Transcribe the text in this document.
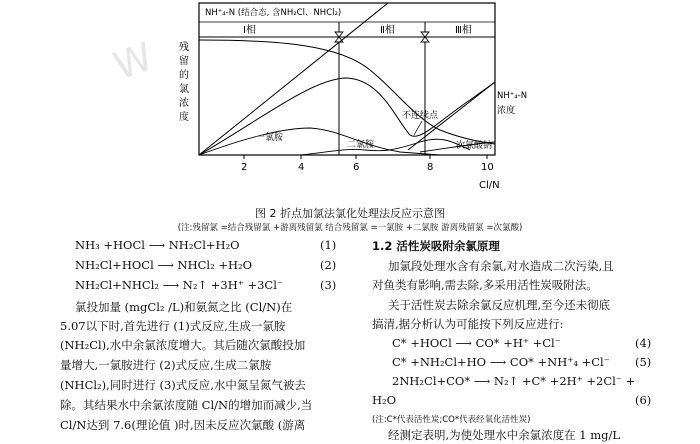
W
Ⅰ相	Ⅱ相	Ⅲ相
NH⁺₄-N (结合态, 含NH₂Cl、NHCl₂)
残
留
的
氯
浓
度	不连续点
NH⁺₄-N
浓度
一氯胺
二氯胺	次氯酸钠
2	4	6	8	10
Cl/N
图 2 折点加氯法氯化处理法反应示意图
(注:残留氯 =结合残留氯 +游离残留氯 结合残留氯 =一氯胺 +二氯胺 游离残留氯 =次氯酸)
NH₃ +HOCl ⟶ NH₂Cl+H₂O	(1)
NH₂Cl+HOCl ⟶ NHCl₂ +H₂O	(2)
NH₂Cl+NHCl₂ ⟶ N₂↑ +3H⁺ +3Cl⁻	(3)
氯投加量 (mgCl₂ /L)和氨氮之比 (Cl/N)在
5.07以下时,首先进行 (1)式反应,生成一氯胺
(NH₂Cl),水中余氯浓度增大。其后随次氯酸投加
量增大,一氯胺进行 (2)式反应,生成二氯胺
(NHCl₂),同时进行 (3)式反应,水中氮呈氮气被去
除。其结果水中余氯浓度随 Cl/N的增加而减少,当
Cl/N达到 7.6(理论值 )时,因未反应次氯酸 (游离
1.2 活性炭吸附余氯原理
加氯段处理水含有余氯,对水造成二次污染,且
对鱼类有影响,需去除,多采用活性炭吸附法。
关于活性炭去除余氯反应机理,至今还未彻底
搞清,据分析认为可能按下列反应进行:
C* +HOCl ⟶ CO* +H⁺ +Cl⁻	(4)
C* +NH₂Cl+HO ⟶ CO* +NH⁺₄ +Cl⁻ (5)
2NH₂Cl+CO* ⟶ N₂↑ +C* +2H⁺ +2Cl⁻ +
H₂O	(6)
(注:C*代表活性炭;CO*代表经氧化活性炭)
经测定表明,为使处理水中余氯浓度在 1 mg/L
